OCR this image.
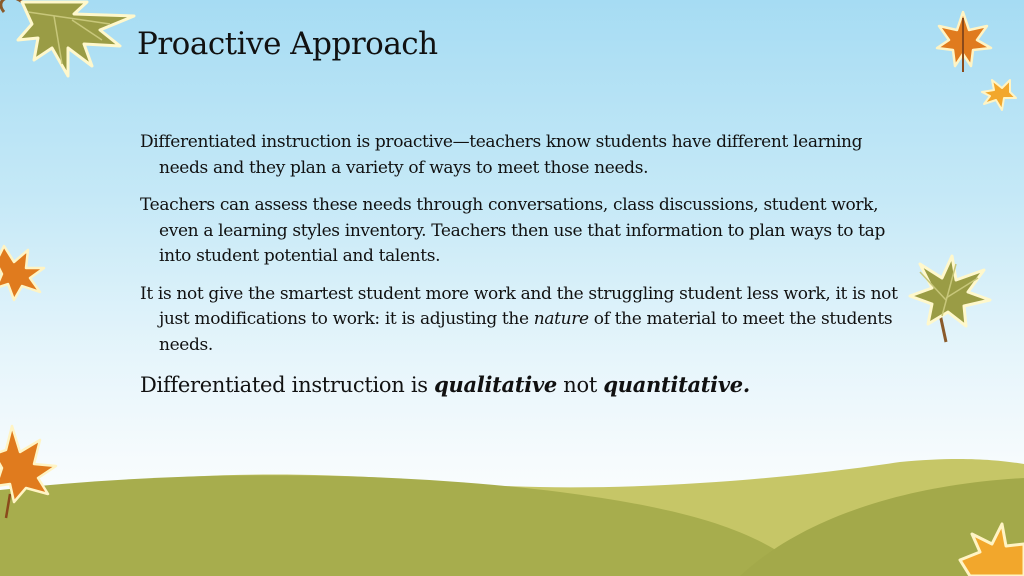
Proactive Approach

Differentiated instruction is proactive—teachers know students have different learning needs and they plan a variety of ways to meet those needs.

Teachers can assess these needs through conversations, class discussions, student work, even a learning styles inventory. Teachers then use that information to plan ways to tap into student potential and talents.

It is not give the smartest student more work and the struggling student less work, it is not just modifications to work: it is adjusting the nature of the material to meet the students needs.

Differentiated instruction is qualitative not quantitative.
